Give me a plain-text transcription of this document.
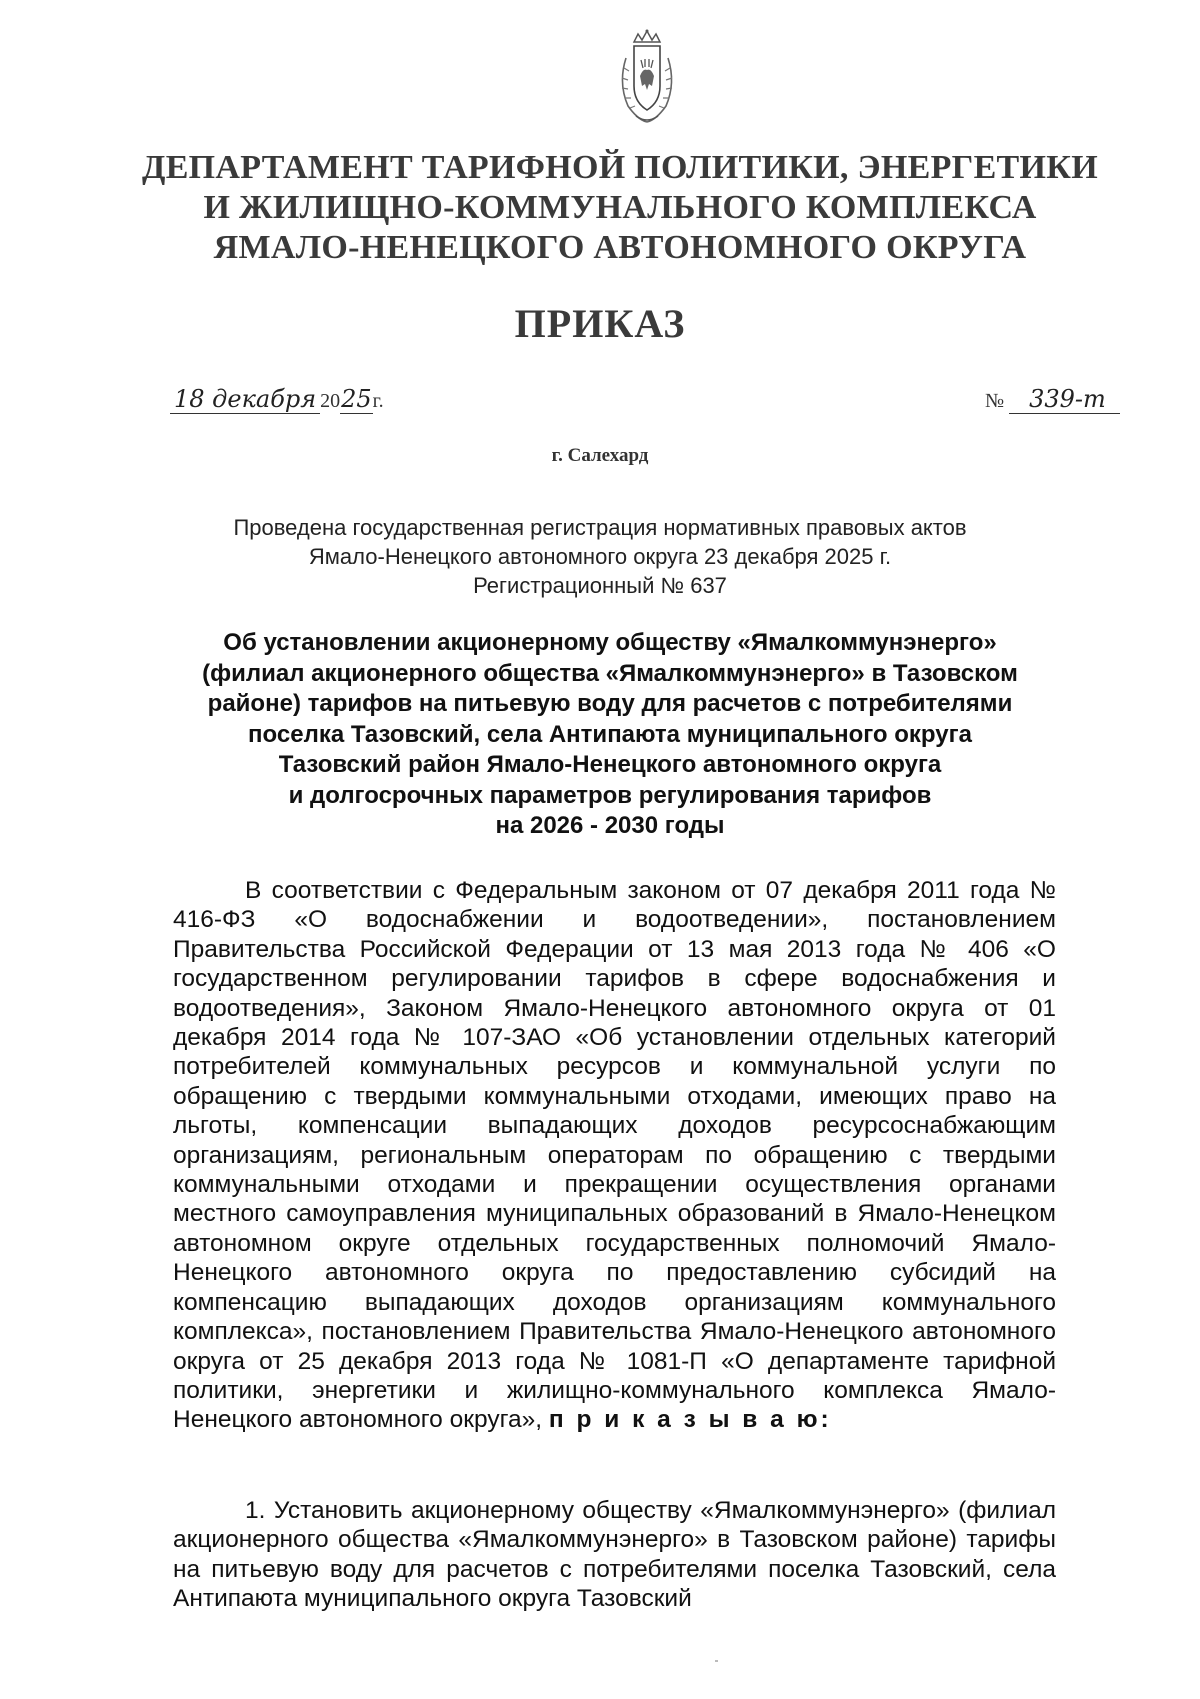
ДЕПАРТАМЕНТ ТАРИФНОЙ ПОЛИТИКИ, ЭНЕРГЕТИКИ
И ЖИЛИЩНО-КОММУНАЛЬНОГО КОМПЛЕКСА
ЯМАЛО-НЕНЕЦКОГО АВТОНОМНОГО ОКРУГА
ПРИКАЗ
18 декабря 2025г.	№ 339-т
г. Салехард
Проведена государственная регистрация нормативных правовых актов
Ямало-Ненецкого автономного округа 23 декабря 2025 г.
Регистрационный № 637
Об установлении акционерному обществу «Ямалкоммунэнерго»
(филиал акционерного общества «Ямалкоммунэнерго» в Тазовском
районе) тарифов на питьевую воду для расчетов с потребителями
поселка Тазовский, села Антипаюта муниципального округа
Тазовский район Ямало-Ненецкого автономного округа
и долгосрочных параметров регулирования тарифов
на 2026 - 2030 годы
В соответствии с Федеральным законом от 07 декабря 2011 года № 416-ФЗ «О водоснабжении и водоотведении», постановлением Правительства Российской Федерации от 13 мая 2013 года № 406 «О государственном регулировании тарифов в сфере водоснабжения и водоотведения», Законом Ямало-Ненецкого автономного округа от 01 декабря 2014 года № 107-ЗАО «Об установлении отдельных категорий потребителей коммунальных ресурсов и коммунальной услуги по обращению с твердыми коммунальными отходами, имеющих право на льготы, компенсации выпадающих доходов ресурсоснабжающим организациям, региональным операторам по обращению с твердыми коммунальными отходами и прекращении осуществления органами местного самоуправления муниципальных образований в Ямало-Ненецком автономном округе отдельных государственных полномочий Ямало-Ненецкого автономного округа по предоставлению субсидий на компенсацию выпадающих доходов организациям коммунального комплекса», постановлением Правительства Ямало-Ненецкого автономного округа от 25 декабря 2013 года № 1081-П «О департаменте тарифной политики, энергетики и жилищно-коммунального комплекса Ямало-Ненецкого автономного округа», п р и к а з ы в а ю:
1. Установить акционерному обществу «Ямалкоммунэнерго» (филиал акционерного общества «Ямалкоммунэнерго» в Тазовском районе) тарифы на питьевую воду для расчетов с потребителями поселка Тазовский, села Антипаюта муниципального округа Тазовский
